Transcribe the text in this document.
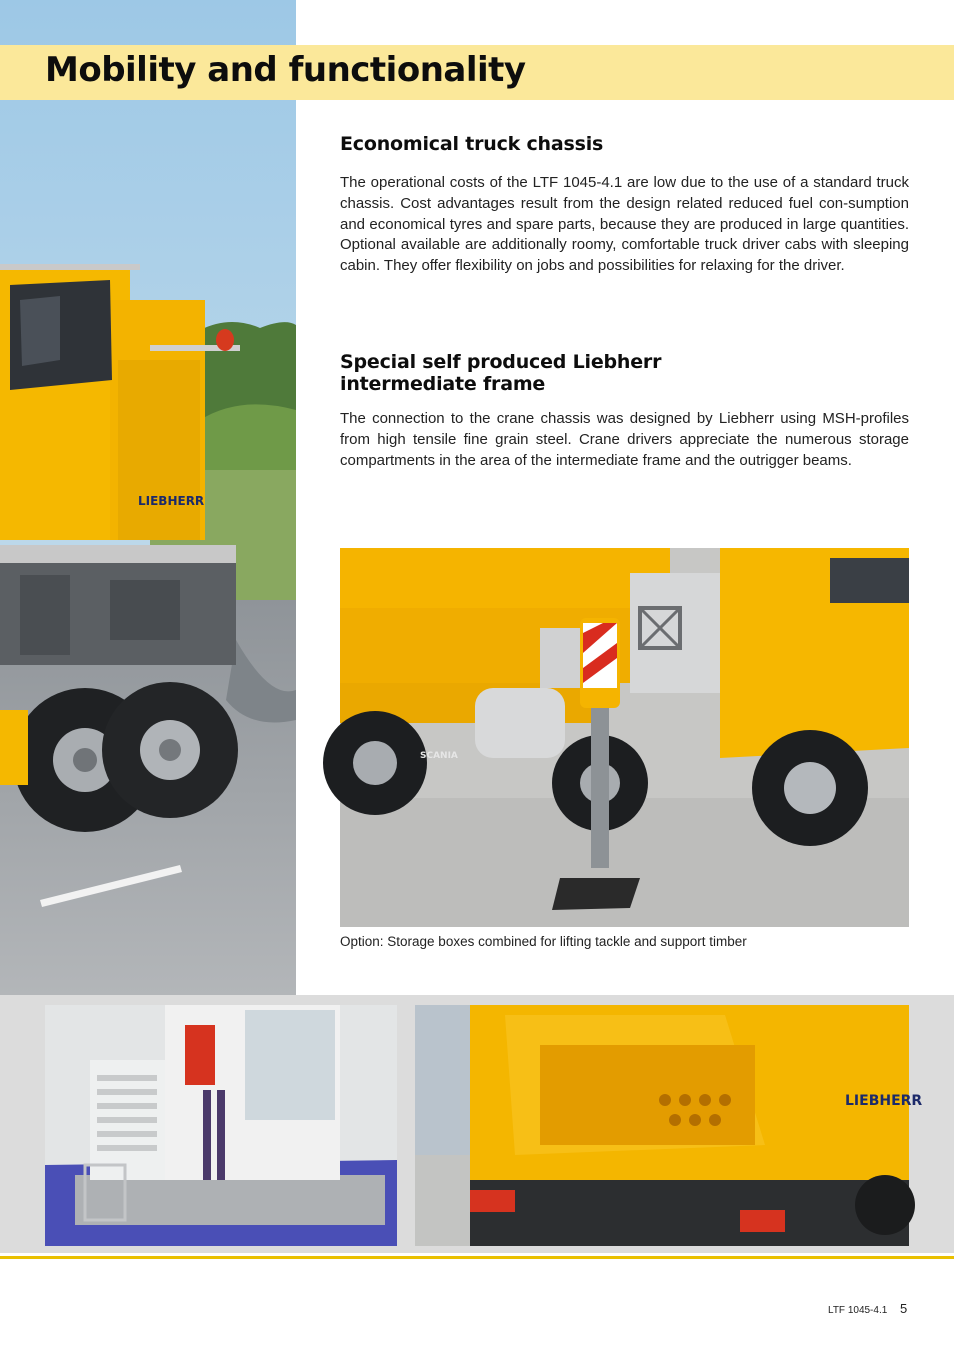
LIEBHERR
Mobility and functionality
Economical truck chassis

The operational costs of the LTF 1045-4.1 are low due to the use of a standard truck chassis. Cost advantages result from the design related reduced fuel con-sumption and economical tyres and spare parts, because they are produced in large quantities. Optional available are additionally roomy, comfortable truck driver cabs with sleeping cabin. They offer flexibility on jobs and possibilities for relaxing for the driver.

Special self produced Liebherr intermediate frame

The connection to the crane chassis was designed by Liebherr using MSH-profiles from high tensile fine grain steel. Crane drivers appreciate the numerous storage compartments in the area of the intermediate frame and the outrigger beams.

SCANIA
Option: Storage boxes combined for lifting tackle and support timber
LIEBHERR
LTF 1045-4.1 5
